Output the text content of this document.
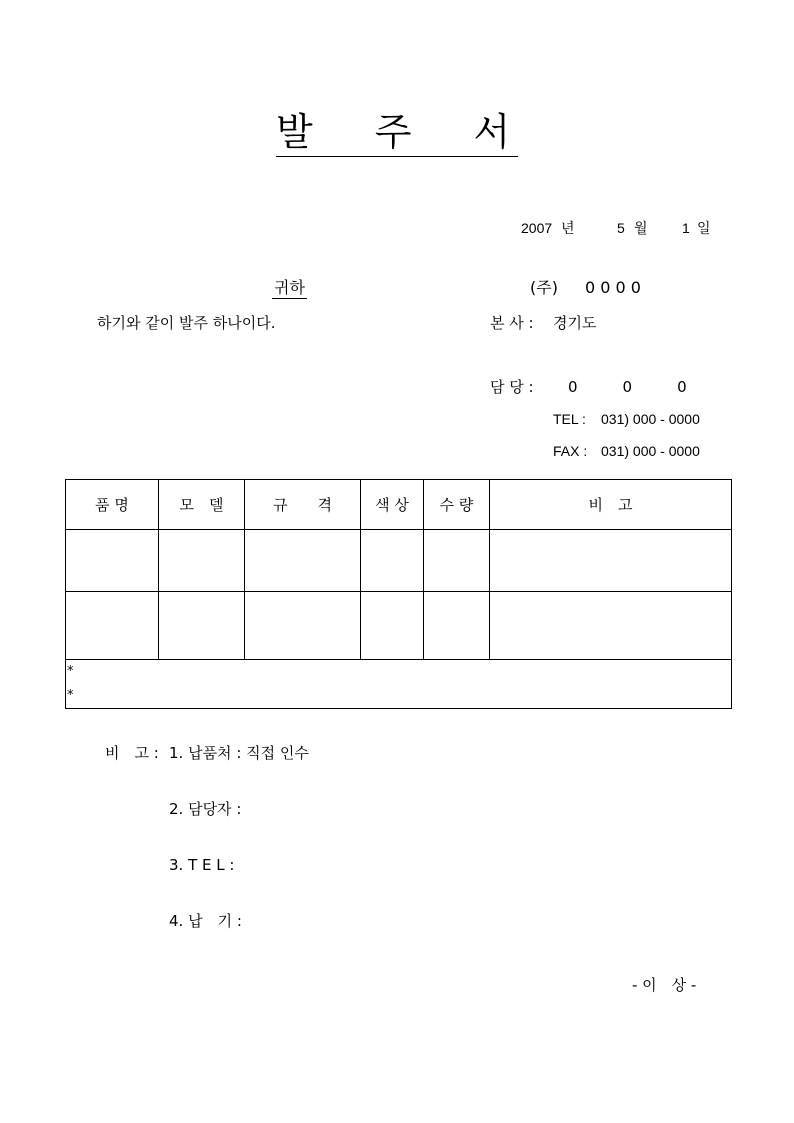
발주서
2007 년	5 월 1 일
귀하	(주) 0 0 0 0
하기와 같이 발주 하나이다.	본 사 : 경기도
담 당 : 0　　　0　　　0
TEL : 031) 000 - 0000
FAX : 031) 000 - 0000
품 명	모　델	규　　격	색 상	수 량	비　고

*
*					
비　고 : 1. 납품처 : 직접 인수
2. 담당자 :
3. T E L :
4. 납　기 :
- 이　상 -
